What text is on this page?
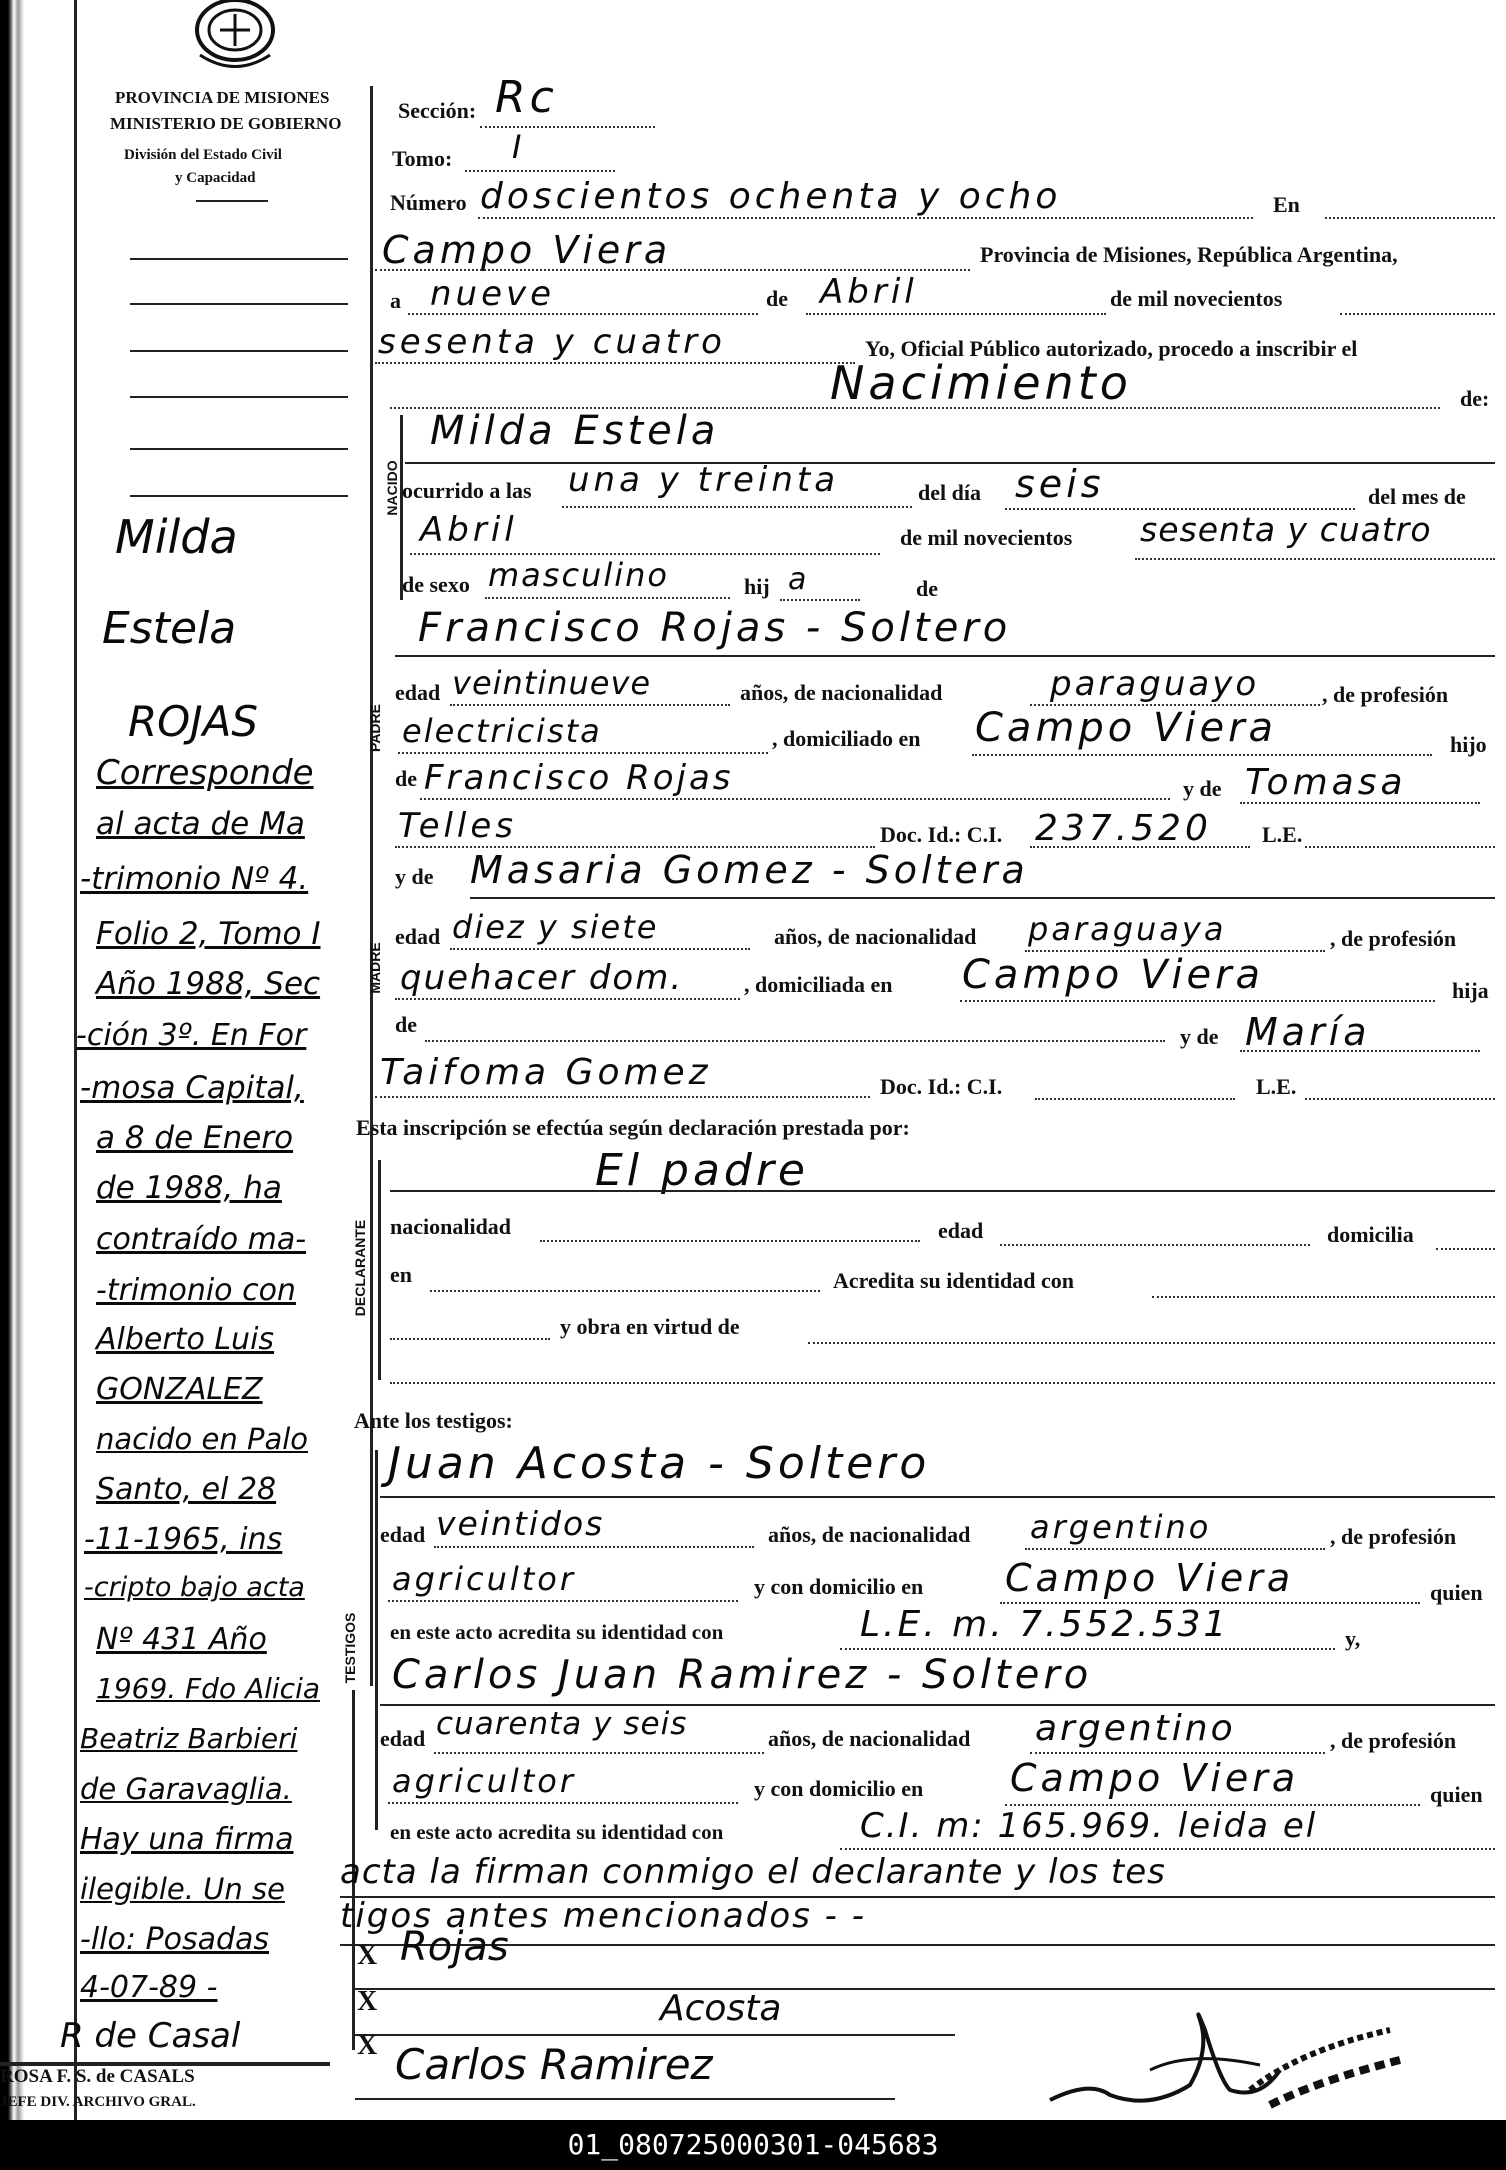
PROVINCIA DE MISIONES
MINISTERIO DE GOBIERNO
División del Estado Civil
y Capacidad
Milda
Estela
ROJAS
Corresponde
al acta de Ma
-trimonio Nº 4.
Folio 2, Tomo I
Año 1988, Sec
-ción 3º. En For
-mosa Capital,
a 8 de Enero
de 1988, ha
contraído ma-
-trimonio con
Alberto Luis
GONZALEZ
nacido en Palo
Santo, el 28
-11-1965, ins
-cripto bajo acta
Nº 431 Año
1969. Fdo Alicia
Beatriz Barbieri
de Garavaglia.
Hay una firma
ilegible. Un se
-llo: Posadas
4-07-89 -
R de Casal
ROSA F. S. de CASALS
JEFE DIV. ARCHIVO GRAL.
Sección: Rc
Tomo: I
Número doscientos ochenta y ocho	En
Campo Viera	Provincia de Misiones, República Argentina,
a nueve	de Abril	de mil novecientos
sesenta y cuatro	Yo, Oficial Público autorizado, procedo a inscribir el
Nacimiento	de:
NACIDO
Milda Estela
ocurrido a las una y treinta	del día seis	del mes de
Abril	de mil novecientos sesenta y cuatro
de sexo masculino	hij a	de
PADRE
Francisco Rojas - Soltero
edad veintinueve	años, de nacionalidad	paraguayo	, de profesión
electricista	, domiciliado en Campo Viera	hijo
de Francisco Rojas	y de Tomasa
Telles	Doc. Id.: C.I. 237.520 L.E.
MADRE
y de Masaria Gomez - Soltera
edad diez y siete	años, de nacionalidad paraguaya	, de profesión
quehacer dom.	, domiciliada en Campo Viera	hija
de	y de María
Taifoma Gomez	Doc. Id.: C.I.	L.E.
Esta inscripción se efectúa según declaración prestada por:
DECLARANTE
El padre
nacionalidad	edad	domicilia
en	Acredita su identidad con
y obra en virtud de
Ante los testigos:
TESTIGOS
Juan Acosta - Soltero
edad veintidos	años, de nacionalidad argentino	, de profesión
agricultor	y con domicilio en Campo Viera	quien
en este acto acredita su identidad con	L.E. m. 7.552.531	y,
Carlos Juan Ramirez - Soltero
edad cuarenta y seis	años, de nacionalidad argentino	, de profesión
agricultor	y con domicilio en Campo Viera	quien
en este acto acredita su identidad con	C.I. m: 165.969. leida el
acta la firman conmigo el declarante y los tes
tigos antes mencionados - -
X Rojas
X	Acosta
X Carlos Ramirez
01_080725000301-045683
